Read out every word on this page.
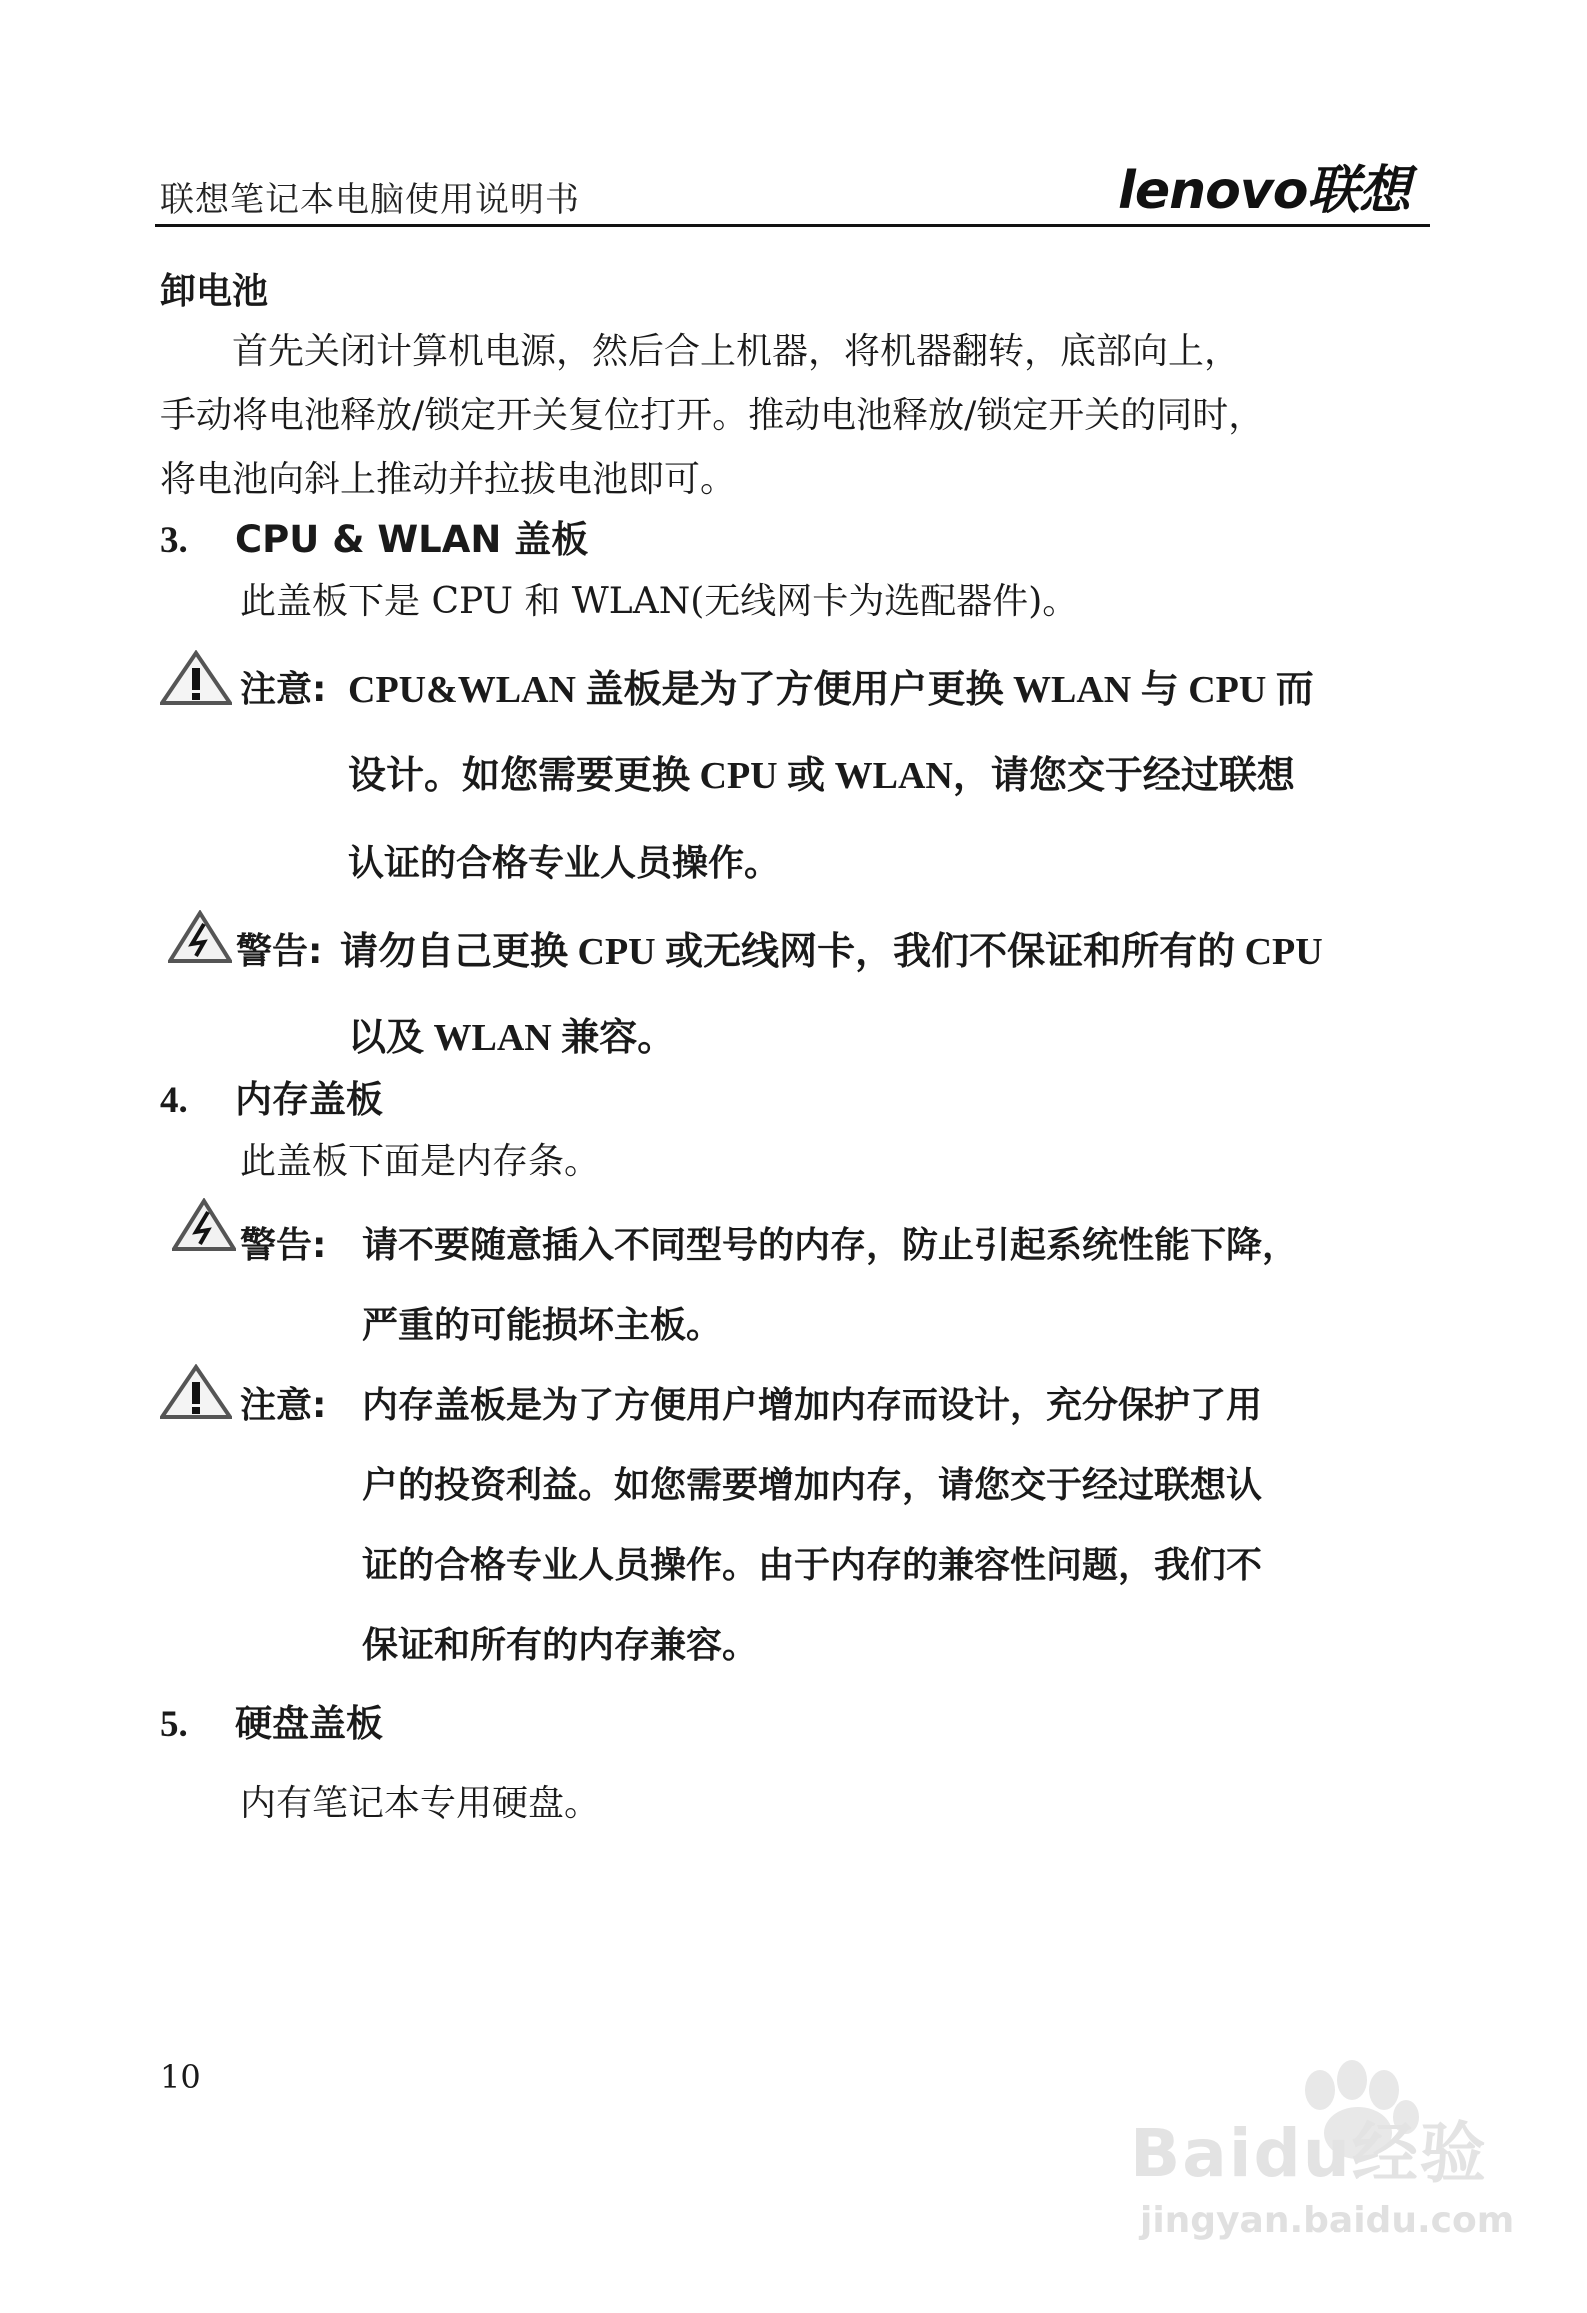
联想笔记本电脑使用说明书	lenovo联想
卸电池
首先关闭计算机电源，然后合上机器，将机器翻转，底部向上，
手动将电池释放/锁定开关复位打开。推动电池释放/锁定开关的同时，
将电池向斜上推动并拉拔电池即可。
3. CPU & WLAN 盖板
此盖板下是 CPU 和 WLAN(无线网卡为选配器件)。
注意: CPU&WLAN 盖板是为了方便用户更换 WLAN 与 CPU 而
设计。如您需要更换 CPU 或 WLAN，请您交于经过联想
认证的合格专业人员操作。
警告: 请勿自己更换 CPU 或无线网卡，我们不保证和所有的 CPU
以及 WLAN 兼容。
4. 内存盖板
此盖板下面是内存条。
警告: 请不要随意插入不同型号的内存，防止引起系统性能下降，
严重的可能损坏主板。
注意: 内存盖板是为了方便用户增加内存而设计，充分保护了用
户的投资利益。如您需要增加内存，请您交于经过联想认
证的合格专业人员操作。由于内存的兼容性问题，我们不
保证和所有的内存兼容。
5. 硬盘盖板
内有笔记本专用硬盘。
10
Baidu经验
jingyan.baidu.com
